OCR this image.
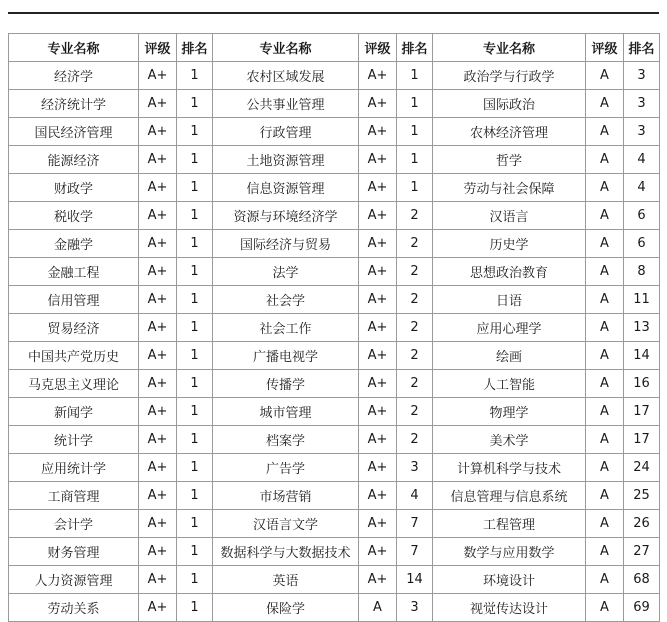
专业名称	评级	排名	专业名称	评级	排名	专业名称	评级	排名
经济学	A+	1	农村区域发展	A+	1	政治学与行政学	A	3
经济统计学	A+	1	公共事业管理	A+	1	国际政治	A	3
国民经济管理	A+	1	行政管理	A+	1	农林经济管理	A	3
能源经济	A+	1	土地资源管理	A+	1	哲学	A	4
财政学	A+	1	信息资源管理	A+	1	劳动与社会保障	A	4
税收学	A+	1	资源与环境经济学	A+	2	汉语言	A	6
金融学	A+	1	国际经济与贸易	A+	2	历史学	A	6
金融工程	A+	1	法学	A+	2	思想政治教育	A	8
信用管理	A+	1	社会学	A+	2	日语	A	11
贸易经济	A+	1	社会工作	A+	2	应用心理学	A	13
中国共产党历史	A+	1	广播电视学	A+	2	绘画	A	14
马克思主义理论	A+	1	传播学	A+	2	人工智能	A	16
新闻学	A+	1	城市管理	A+	2	物理学	A	17
统计学	A+	1	档案学	A+	2	美术学	A	17
应用统计学	A+	1	广告学	A+	3	计算机科学与技术	A	24
工商管理	A+	1	市场营销	A+	4	信息管理与信息系统	A	25
会计学	A+	1	汉语言文学	A+	7	工程管理	A	26
财务管理	A+	1	数据科学与大数据技术	A+	7	数学与应用数学	A	27
人力资源管理	A+	1	英语	A+	14	环境设计	A	68
劳动关系	A+	1	保险学	A	3	视觉传达设计	A	69
